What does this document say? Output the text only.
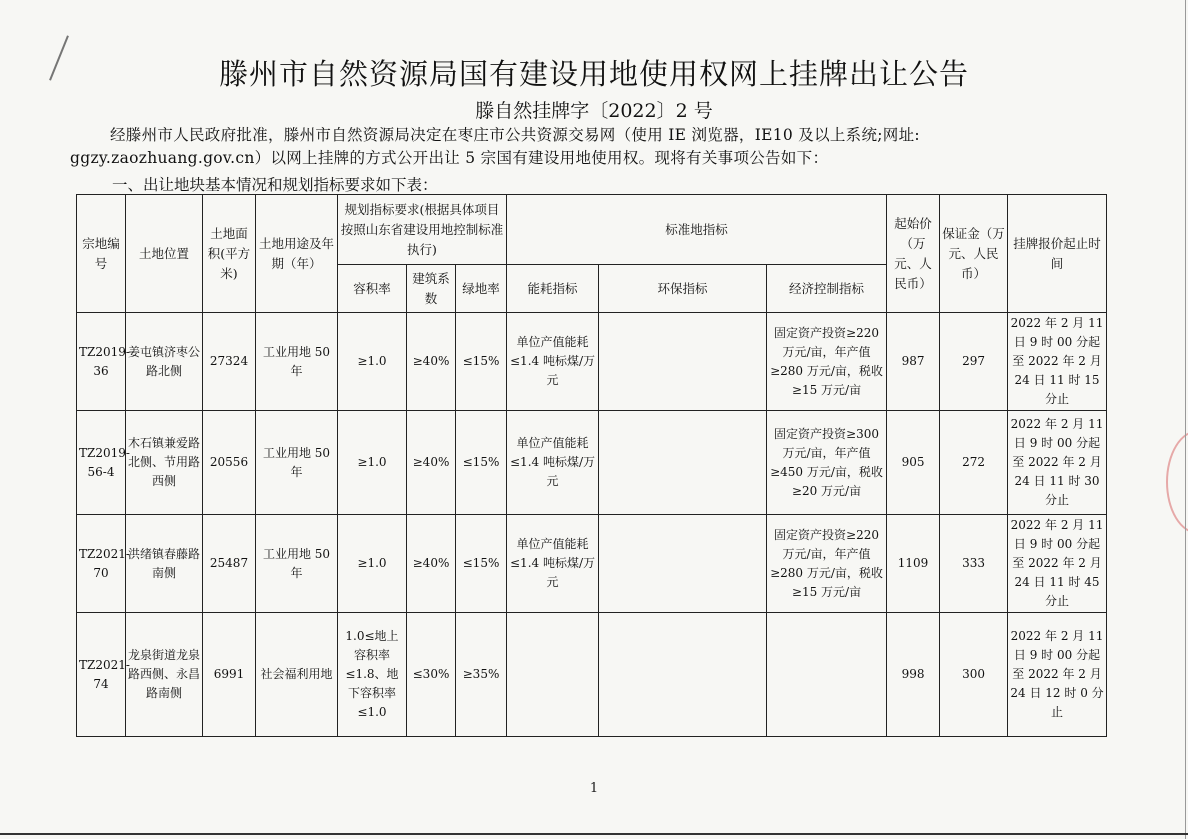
滕州市自然资源局国有建设用地使用权网上挂牌出让公告
滕自然挂牌字〔2022〕2 号
经滕州市人民政府批准，滕州市自然资源局决定在枣庄市公共资源交易网（使用 IE 浏览器，IE10 及以上系统;网址: ggzy.zaozhuang.gov.cn）以网上挂牌的方式公开出让 5 宗国有建设用地使用权。现将有关事项公告如下：
一、出让地块基本情况和规划指标要求如下表：
宗地编号	土地位置	土地面积(平方米)	土地用途及年期（年）	规划指标要求(根据具体项目按照山东省建设用地控制标准执行)			标准地指标			起始价（万元、人民币）	保证金（万元、人民币）	挂牌报价起止时间
				容积率	建筑系数	绿地率	能耗指标	环保指标	经济控制指标			
TZ2019-36	姜屯镇济枣公路北侧	27324	工业用地 50 年	≥1.0	≥40%	≤15%	单位产值能耗≤1.4 吨标煤/万元		固定资产投资≥220 万元/亩，年产值≥280 万元/亩，税收≥15 万元/亩	987	297	2022 年 2 月 11 日 9 时 00 分起至 2022 年 2 月 24 日 11 时 15 分止
TZ2019-56-4	木石镇兼爱路北侧、节用路西侧	20556	工业用地 50 年	≥1.0	≥40%	≤15%	单位产值能耗≤1.4 吨标煤/万元		固定资产投资≥300 万元/亩，年产值≥450 万元/亩，税收≥20 万元/亩	905	272	2022 年 2 月 11 日 9 时 00 分起至 2022 年 2 月 24 日 11 时 30 分止
TZ2021-70	洪绪镇春藤路南侧	25487	工业用地 50 年	≥1.0	≥40%	≤15%	单位产值能耗≤1.4 吨标煤/万元		固定资产投资≥220 万元/亩，年产值≥280 万元/亩，税收≥15 万元/亩	1109	333	2022 年 2 月 11 日 9 时 00 分起至 2022 年 2 月 24 日 11 时 45 分止
TZ2021-74	龙泉街道龙泉路西侧、永昌路南侧	6991	社会福利用地	1.0≤地上容积率≤1.8、地下容积率≤1.0	≤30%	≥35%				998	300	2022 年 2 月 11 日 9 时 00 分起至 2022 年 2 月 24 日 12 时 0 分止
1
